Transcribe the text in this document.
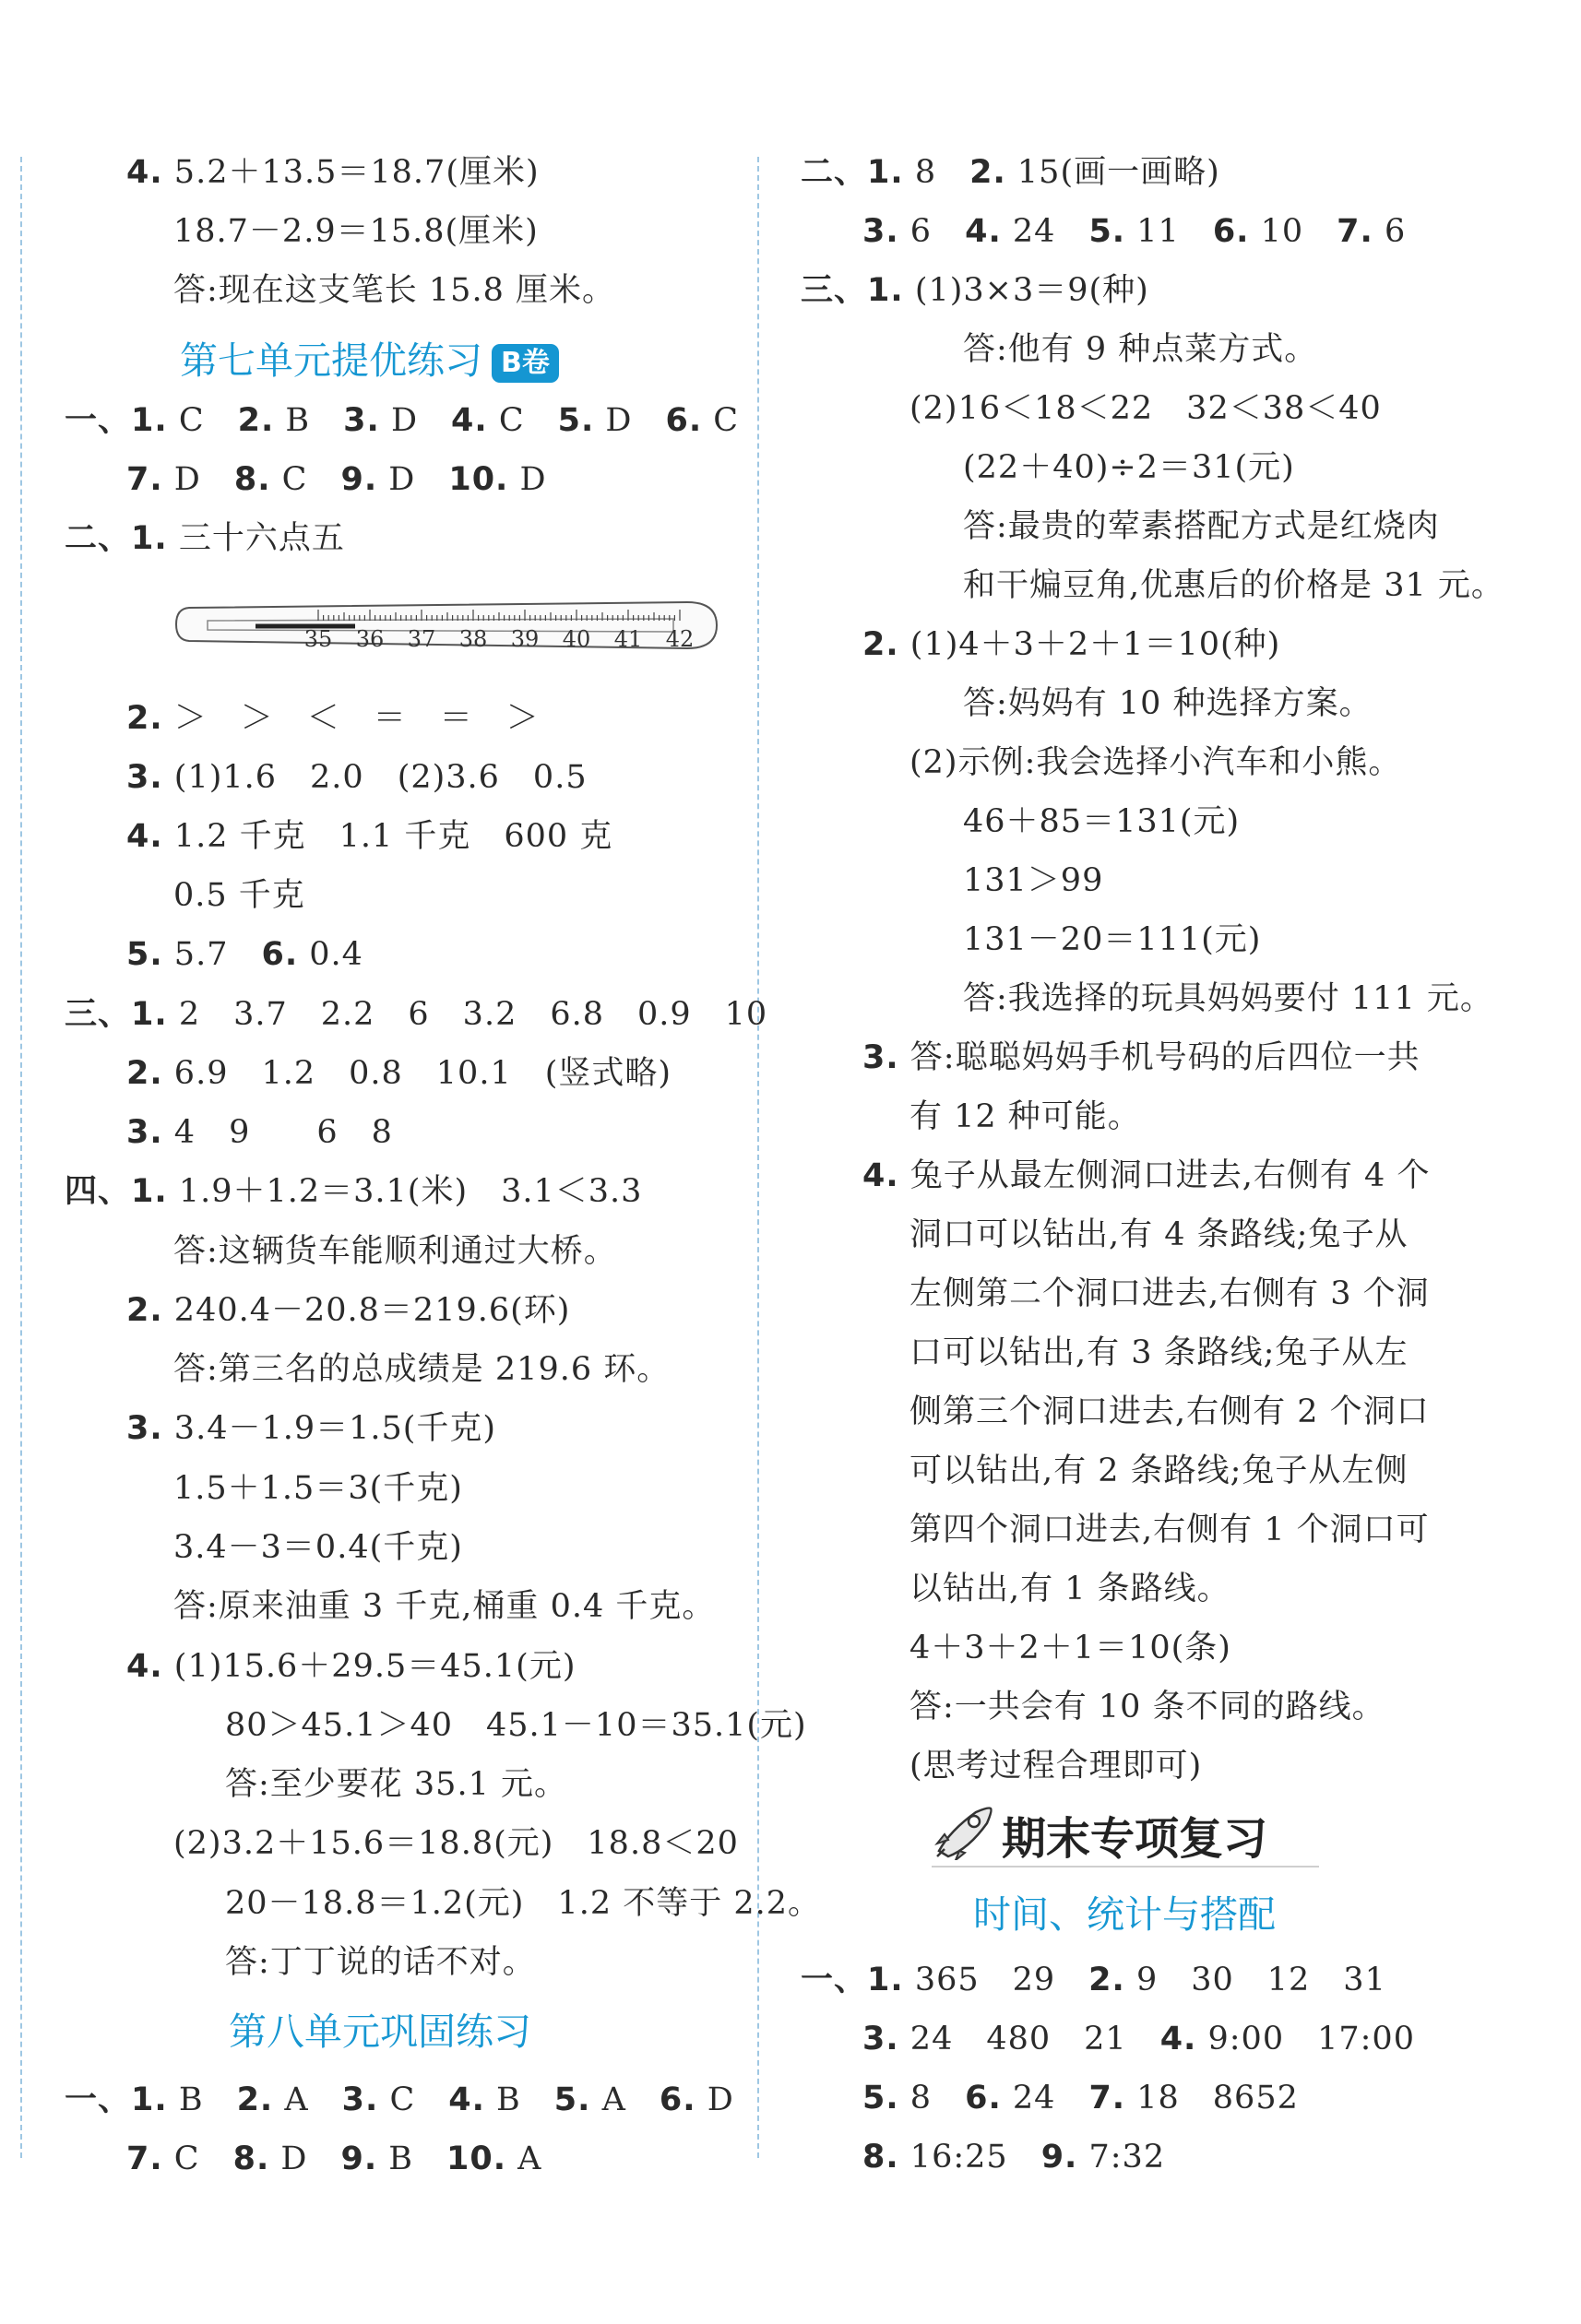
4. 5.2＋13.5＝18.7(厘米)
18.7－2.9＝15.8(厘米)
答:现在这支笔长 15.8 厘米。
第七单元提优练习 B卷
一、1. C　 2. B　 3. D　 4. C　 5. D　 6. C
7. D　 8. C　 9. D　 10. D
二、1. 三十六点五
35 36 37 38 39 40 41 42
2. ＞　＞　＜　＝　＝　＞
3. (1)1.6　2.0　(2)3.6　0.5
4. 1.2 千克　1.1 千克　600 克
0.5 千克
5. 5.7　 6. 0.4
三、1. 2　3.7　2.2　6　3.2　6.8　0.9　10
2. 6.9　1.2　0.8　10.1　(竖式略)
3. 4　9　　6　8
四、1. 1.9＋1.2＝3.1(米)　3.1＜3.3
答:这辆货车能顺利通过大桥。
2. 240.4－20.8＝219.6(环)
答:第三名的总成绩是 219.6 环。
3. 3.4－1.9＝1.5(千克)
1.5＋1.5＝3(千克)
3.4－3＝0.4(千克)
答:原来油重 3 千克,桶重 0.4 千克。
4. (1)15.6＋29.5＝45.1(元)
80＞45.1＞40　45.1－10＝35.1(元)
答:至少要花 35.1 元。
(2)3.2＋15.6＝18.8(元)　18.8＜20
20－18.8＝1.2(元)　1.2 不等于 2.2。
答:丁丁说的话不对。
第八单元巩固练习
一、1. B　 2. A　 3. C　 4. B　 5. A　 6. D
7. C　 8. D　 9. B　 10. A
二、1. 8　 2. 15(画一画略)
3. 6　 4. 24　 5. 11　 6. 10　 7. 6
三、1. (1)3×3＝9(种)
答:他有 9 种点菜方式。
(2)16＜18＜22　32＜38＜40
(22＋40)÷2＝31(元)
答:最贵的荤素搭配方式是红烧肉
和干煸豆角,优惠后的价格是 31 元。
2. (1)4＋3＋2＋1＝10(种)
答:妈妈有 10 种选择方案。
(2)示例:我会选择小汽车和小熊。
46＋85＝131(元)
131＞99
131－20＝111(元)
答:我选择的玩具妈妈要付 111 元。
3. 答:聪聪妈妈手机号码的后四位一共
有 12 种可能。
4. 兔子从最左侧洞口进去,右侧有 4 个
洞口可以钻出,有 4 条路线;兔子从
左侧第二个洞口进去,右侧有 3 个洞
口可以钻出,有 3 条路线;兔子从左
侧第三个洞口进去,右侧有 2 个洞口
可以钻出,有 2 条路线;兔子从左侧
第四个洞口进去,右侧有 1 个洞口可
以钻出,有 1 条路线。
4＋3＋2＋1＝10(条)
答:一共会有 10 条不同的路线。
(思考过程合理即可)
期末专项复习
时间、统计与搭配
一、1. 365　29　 2. 9　30　12　31
3. 24　480　21　 4. 9:00　17:00
5. 8　 6. 24　 7. 18　8652
8. 16:25　 9. 7:32
